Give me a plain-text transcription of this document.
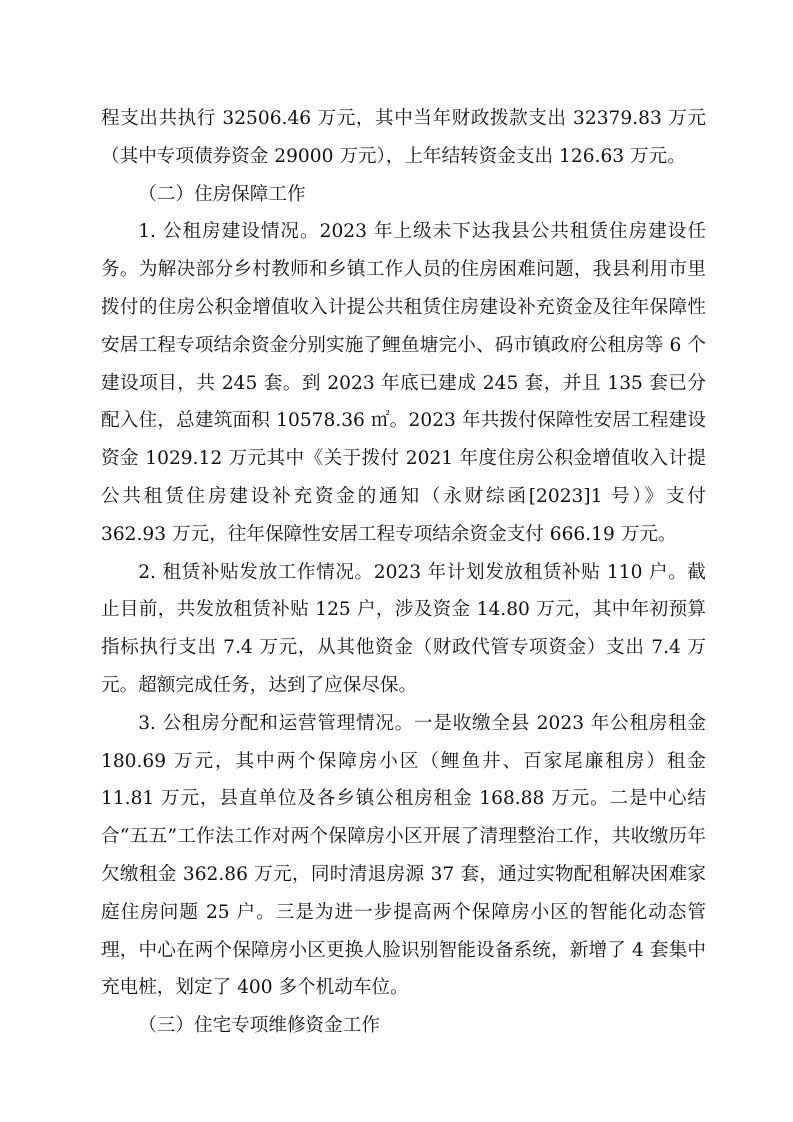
程支出共执行 32506.46 万元，其中当年财政拨款支出 32379.83 万元（其中专项债券资金 29000 万元），上年结转资金支出 126.63 万元。

（二）住房保障工作

1. 公租房建设情况。2023 年上级未下达我县公共租赁住房建设任务。为解决部分乡村教师和乡镇工作人员的住房困难问题，我县利用市里拨付的住房公积金增值收入计提公共租赁住房建设补充资金及往年保障性安居工程专项结余资金分别实施了鲤鱼塘完小、码市镇政府公租房等 6 个建设项目，共 245 套。到 2023 年底已建成 245 套，并且 135 套已分配入住，总建筑面积 10578.36 ㎡。2023 年共拨付保障性安居工程建设资金 1029.12 万元其中《关于拨付 2021 年度住房公积金增值收入计提公共租赁住房建设补充资金的通知（永财综函[2023]1 号）》支付 362.93 万元，往年保障性安居工程专项结余资金支付 666.19 万元。

2. 租赁补贴发放工作情况。2023 年计划发放租赁补贴 110 户。截止目前，共发放租赁补贴 125 户，涉及资金 14.80 万元，其中年初预算指标执行支出 7.4 万元，从其他资金（财政代管专项资金）支出 7.4 万元。超额完成任务，达到了应保尽保。

3. 公租房分配和运营管理情况。一是收缴全县 2023 年公租房租金 180.69 万元，其中两个保障房小区（鲤鱼井、百家尾廉租房）租金 11.81 万元，县直单位及各乡镇公租房租金 168.88 万元。二是中心结合“五五”工作法工作对两个保障房小区开展了清理整治工作，共收缴历年欠缴租金 362.86 万元，同时清退房源 37 套，通过实物配租解决困难家庭住房问题 25 户。三是为进一步提高两个保障房小区的智能化动态管理，中心在两个保障房小区更换人脸识别智能设备系统，新增了 4 套集中充电桩，划定了 400 多个机动车位。

（三）住宅专项维修资金工作
